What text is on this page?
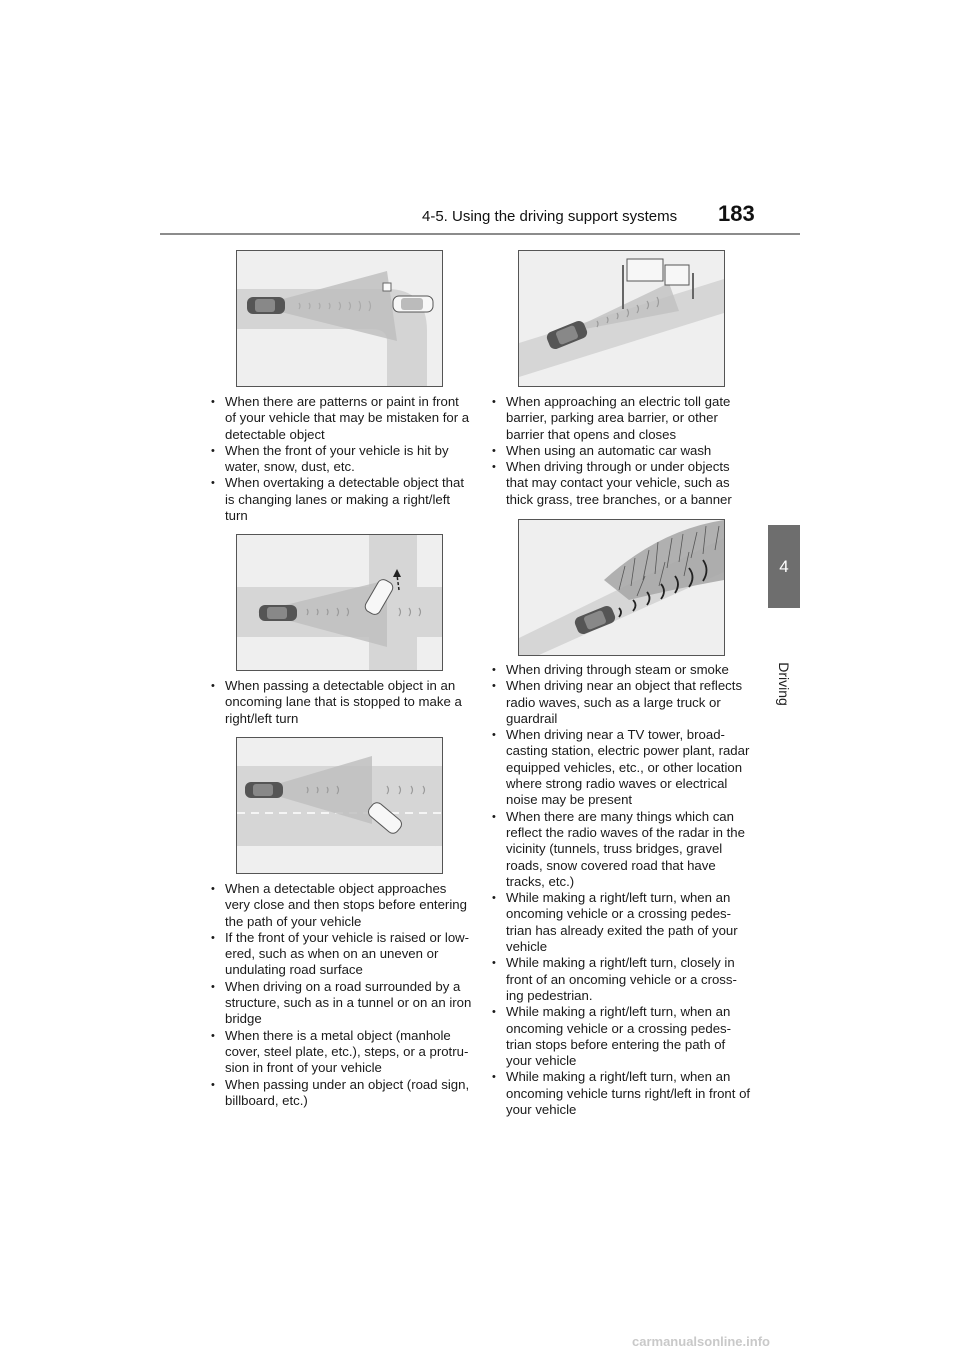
4-5. Using the driving support systems 183
4
Driving
• When there are patterns or paint in front of your vehicle that may be mistaken for a detectable object
• When the front of your vehicle is hit by water, snow, dust, etc.
• When overtaking a detectable object that is changing lanes or making a right/left turn
• When passing a detectable object in an oncoming lane that is stopped to make a right/left turn
• When a detectable object approaches very close and then stops before entering the path of your vehicle
• If the front of your vehicle is raised or low-ered, such as when on an uneven or undulating road surface
• When driving on a road surrounded by a structure, such as in a tunnel or on an iron bridge
• When there is a metal object (manhole cover, steel plate, etc.), steps, or a protru-sion in front of your vehicle
• When passing under an object (road sign, billboard, etc.)
• When approaching an electric toll gate barrier, parking area barrier, or other barrier that opens and closes
• When using an automatic car wash
• When driving through or under objects that may contact your vehicle, such as thick grass, tree branches, or a banner
• When driving through steam or smoke
• When driving near an object that reflects radio waves, such as a large truck or guardrail
• When driving near a TV tower, broad-casting station, electric power plant, radar equipped vehicles, etc., or other location where strong radio waves or electrical noise may be present
• When there are many things which can reflect the radio waves of the radar in the vicinity (tunnels, truss bridges, gravel roads, snow covered road that have tracks, etc.)
• While making a right/left turn, when an oncoming vehicle or a crossing pedes-trian has already exited the path of your vehicle
• While making a right/left turn, closely in front of an oncoming vehicle or a cross-ing pedestrian.
• While making a right/left turn, when an oncoming vehicle or a crossing pedes-trian stops before entering the path of your vehicle
• While making a right/left turn, when an oncoming vehicle turns right/left in front of your vehicle
carmanualsonline.info
